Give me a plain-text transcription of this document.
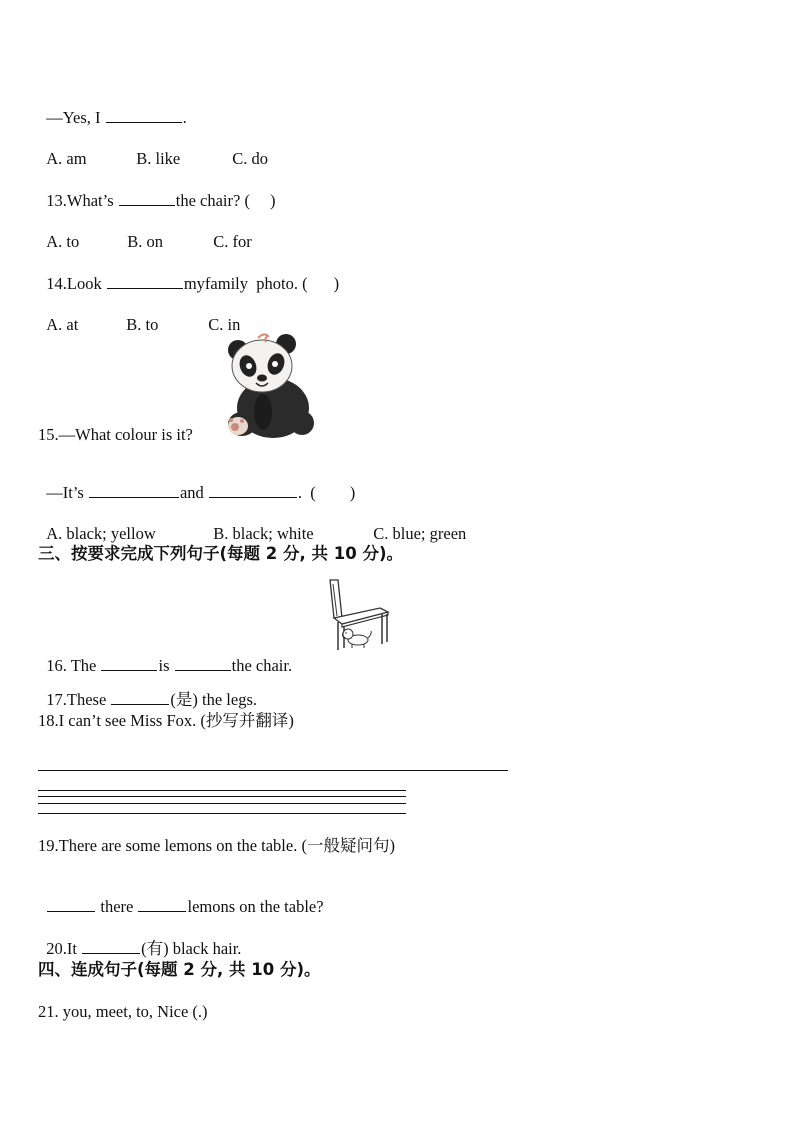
—Yes, I	.

A. am	B. like	C. do

13.What’s	the chair? ( )

A. to	B. on	C. for

14.Look	myfamily  photo. ( )

A. at	B. to	C. in

15.—What colour is it?

—It’s	and	.  ( )

A. black; yellow	B. black; white	C. blue; green

三、按要求完成下列句子(每题 2 分, 共 10 分)。

16. The	is	the chair.

17.These	(是) the legs.

18.I can’t see Miss Fox. (抄写并翻译)
19.There are some lemons on the table. (一般疑问句)

there	lemons on the table?

20.It	(有) black hair.

四、连成句子(每题 2 分, 共 10 分)。
21. you, meet, to, Nice (.)
